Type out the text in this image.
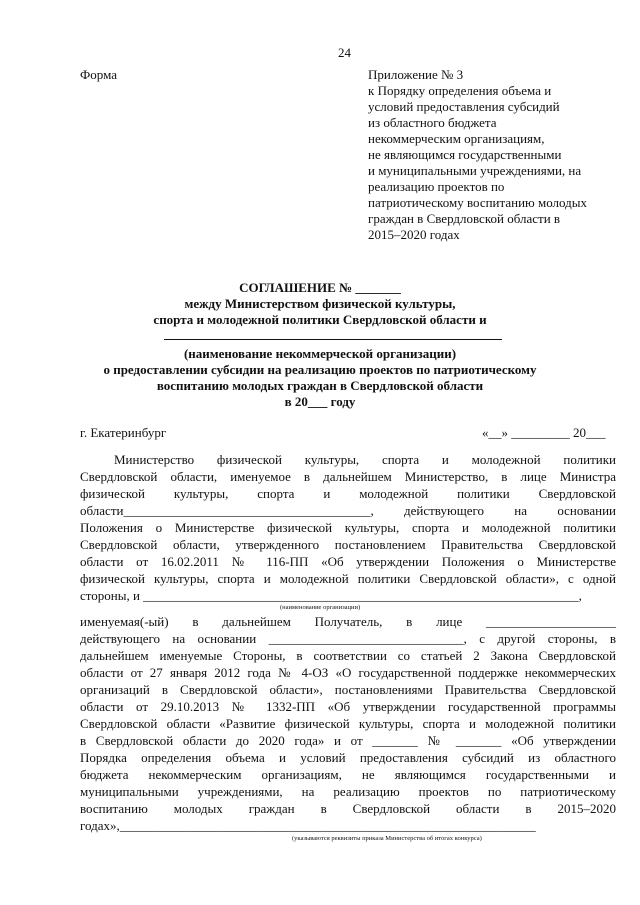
24
Форма	Приложение № 3
к Порядку определения объема и
условий предоставления субсидий
из областного бюджета
некоммерческим организациям,
не являющимся государственными
и муниципальными учреждениями, на
реализацию проектов по
патриотическому воспитанию молодых
граждан в Свердловской области в
2015–2020 годах
СОГЛАШЕНИЕ № _______
между Министерством физической культуры,
спорта и молодежной политики Свердловской области и
(наименование некоммерческой организации)
о предоставлении субсидии на реализацию проектов по патриотическому
воспитанию молодых граждан в Свердловской области
в 20___ году
г. Екатеринбург	«__» _________ 20___
Министерство физической культуры, спорта и молодежной политики
Свердловской области, именуемое в дальнейшем Министерство, в лице Министра
физической культуры, спорта и молодежной политики Свердловской
области______________________________________, действующего на основании
Положения о Министерстве физической культуры, спорта и молодежной политики
Свердловской области, утвержденного постановлением Правительства Свердловской
области от 16.02.2011 № 116-ПП «Об утверждении Положения о Министерстве
физической культуры, спорта и молодежной политики Свердловской области», с одной
стороны, и ___________________________________________________________________,
(наименование организации)
именуемая(-ый) в дальнейшем Получатель, в лице ____________________
действующего на основании ______________________________, с другой стороны, в
дальнейшем именуемые Стороны, в соответствии со статьей 2 Закона Свердловской
области от 27 января 2012 года № 4-ОЗ «О государственной поддержке некоммерческих
организаций в Свердловской области», постановлениями Правительства Свердловской
области от 29.10.2013 № 1332-ПП «Об утверждении государственной программы
Свердловской области «Развитие физической культуры, спорта и молодежной политики
в Свердловской области до 2020 года» и от _______ № _______ «Об утверждении
Порядка определения объема и условий предоставления субсидий из областного
бюджета некоммерческим организациям, не являющимся государственными и
муниципальными учреждениями, на реализацию проектов по патриотическому
воспитанию молодых граждан в Свердловской области в 2015–2020
годах»,________________________________________________________________
(указываются реквизиты приказа Министерства об итогах конкурса)
